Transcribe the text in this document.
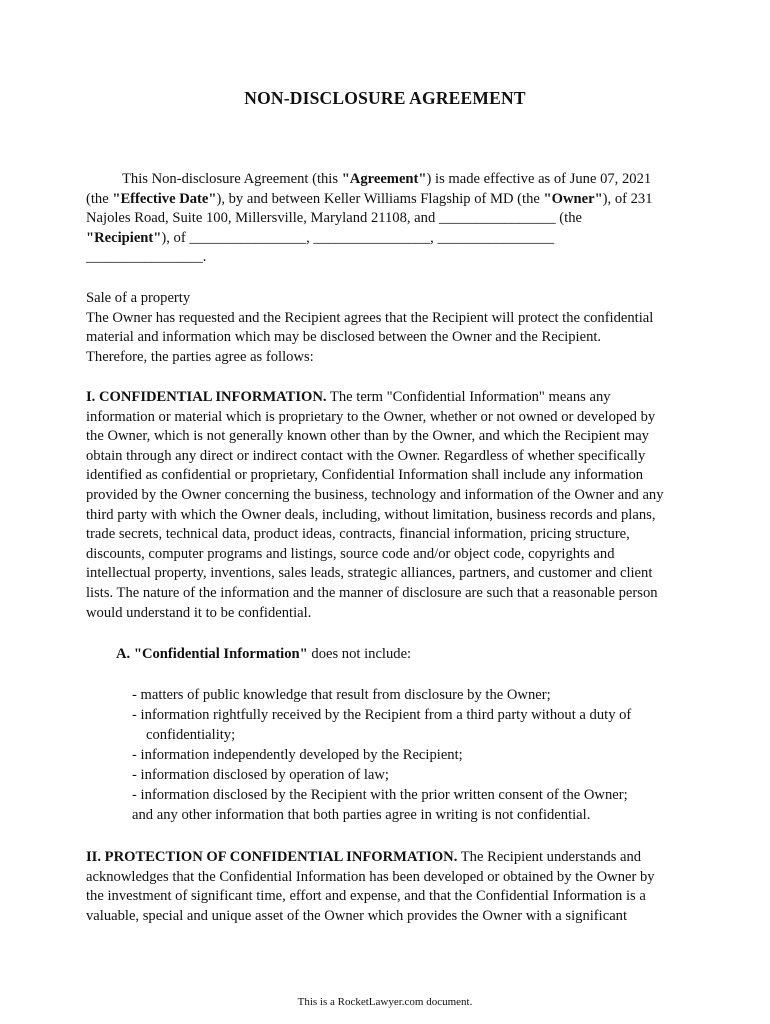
NON-DISCLOSURE AGREEMENT
This Non-disclosure Agreement (this "Agreement") is made effective as of June 07, 2021
(the "Effective Date"), by and between Keller Williams Flagship of MD (the "Owner"), of 231
Najoles Road, Suite 100, Millersville, Maryland 21108, and ________________ (the
"Recipient"), of ________________, ________________, ________________
________________.
Sale of a property
The Owner has requested and the Recipient agrees that the Recipient will protect the confidential
material and information which may be disclosed between the Owner and the Recipient.
Therefore, the parties agree as follows:
I. CONFIDENTIAL INFORMATION. The term "Confidential Information" means any
information or material which is proprietary to the Owner, whether or not owned or developed by
the Owner, which is not generally known other than by the Owner, and which the Recipient may
obtain through any direct or indirect contact with the Owner. Regardless of whether specifically
identified as confidential or proprietary, Confidential Information shall include any information
provided by the Owner concerning the business, technology and information of the Owner and any
third party with which the Owner deals, including, without limitation, business records and plans,
trade secrets, technical data, product ideas, contracts, financial information, pricing structure,
discounts, computer programs and listings, source code and/or object code, copyrights and
intellectual property, inventions, sales leads, strategic alliances, partners, and customer and client
lists. The nature of the information and the manner of disclosure are such that a reasonable person
would understand it to be confidential.
A. "Confidential Information" does not include:
- matters of public knowledge that result from disclosure by the Owner;
- information rightfully received by the Recipient from a third party without a duty of
confidentiality;
- information independently developed by the Recipient;
- information disclosed by operation of law;
- information disclosed by the Recipient with the prior written consent of the Owner;
and any other information that both parties agree in writing is not confidential.
II. PROTECTION OF CONFIDENTIAL INFORMATION. The Recipient understands and
acknowledges that the Confidential Information has been developed or obtained by the Owner by
the investment of significant time, effort and expense, and that the Confidential Information is a
valuable, special and unique asset of the Owner which provides the Owner with a significant
This is a RocketLawyer.com document.
